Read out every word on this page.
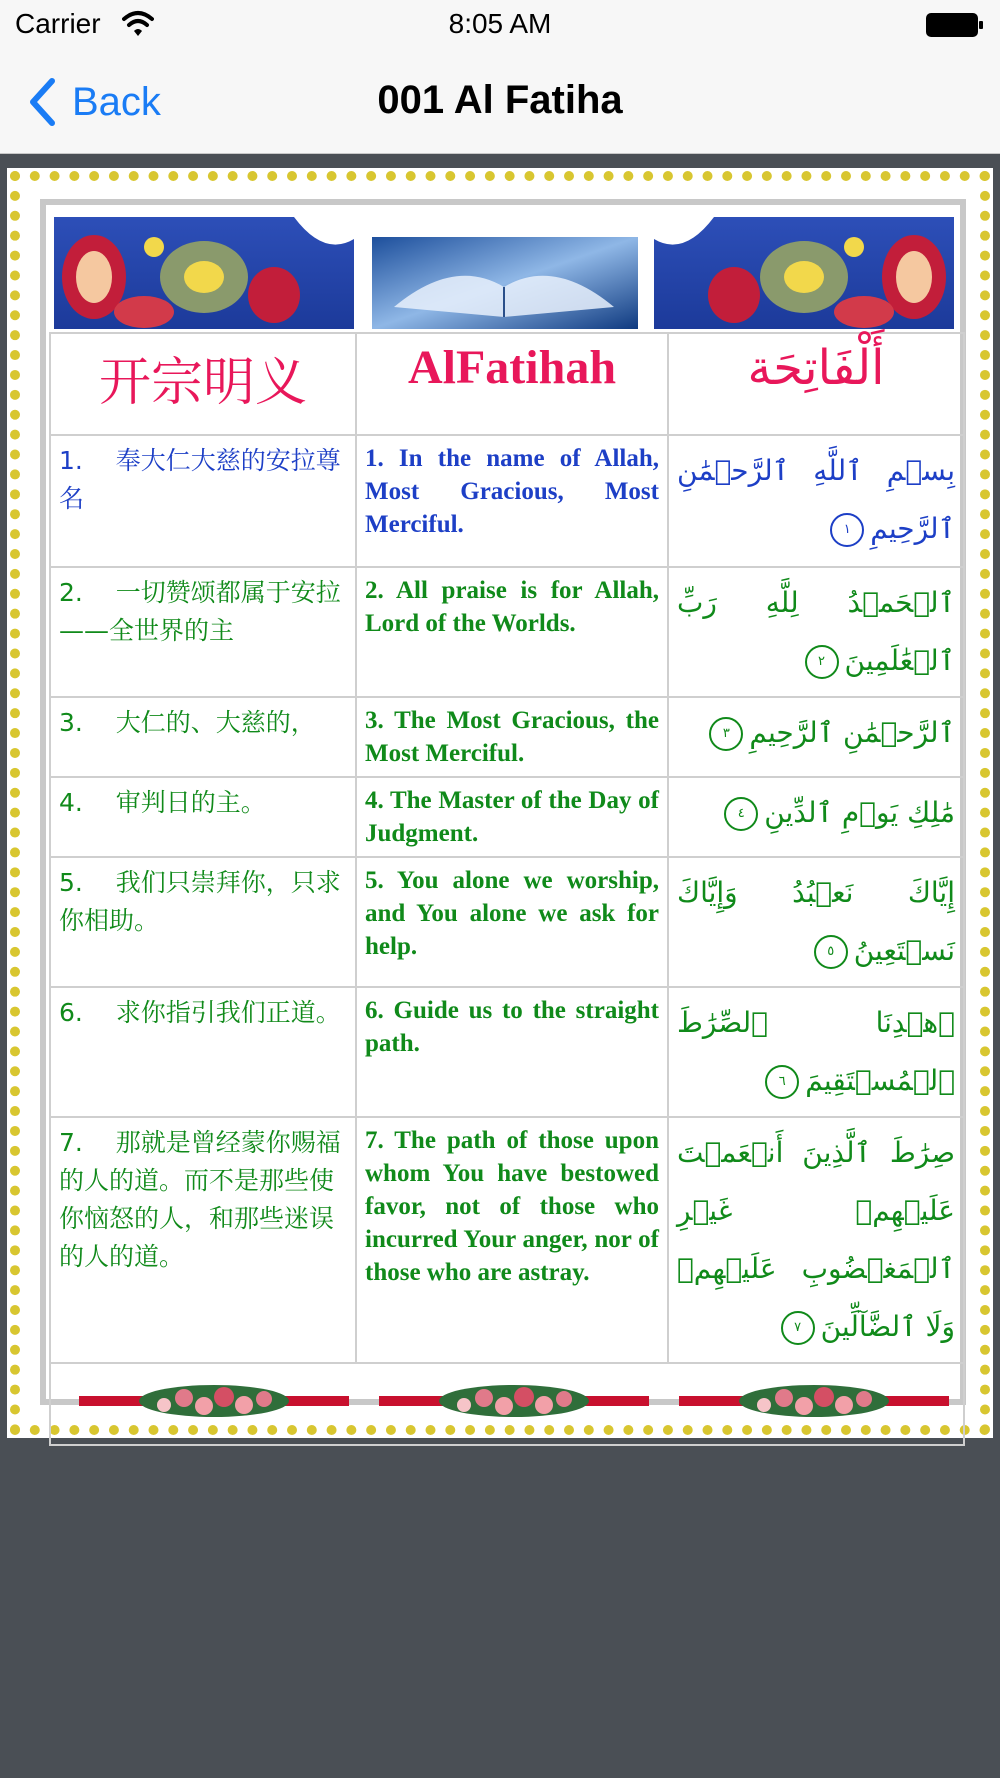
Carrier	8:05 AM
Back	001 Al Fatiha
开宗明义	AlFatihah	أَلْفَاتِحَة

1.　 奉大仁大慈的安拉尊名	1. In the name of Allah, Most Gracious, Most Merciful.	بِسۡمِ ٱللَّهِ ٱلرَّحۡمَٰنِ ٱلرَّحِيمِ١

2.　 一切赞颂都属于安拉——全世界的主	2. All praise is for Allah, Lord of the Worlds.	ٱلۡحَمۡدُ لِلَّهِ رَبِّ ٱلۡعَٰلَمِينَ٢

3.　 大仁的、大慈的，	3. The Most Gracious, the Most Merciful.	ٱلرَّحۡمَٰنِ ٱلرَّحِيمِ٣

4.　 审判日的主。	4. The Master of the Day of Judgment.	مَٰلِكِ يَوۡمِ ٱلدِّينِ٤

5.　 我们只崇拜你，只求你相助。	5. You alone we worship, and You alone we ask for help.	إِيَّاكَ نَعۡبُدُ وَإِيَّاكَ نَسۡتَعِينُ٥

6.　 求你指引我们正道。	6. Guide us to the straight path.	ٱهۡدِنَا ٱلصِّرَٰطَ ٱلۡمُسۡتَقِيمَ٦

7.　 那就是曾经蒙你赐福的人的道。而不是那些使你恼怒的人，和那些迷误的人的道。	7. The path of those upon whom You have bestowed favor, not of those who incurred Your anger, nor of those who are astray.	صِرَٰطَ ٱلَّذِينَ أَنۡعَمۡتَ عَلَيۡهِمۡ غَيۡرِ ٱلۡمَغۡضُوبِ عَلَيۡهِمۡ وَلَا ٱلضَّآلِّينَ٧
